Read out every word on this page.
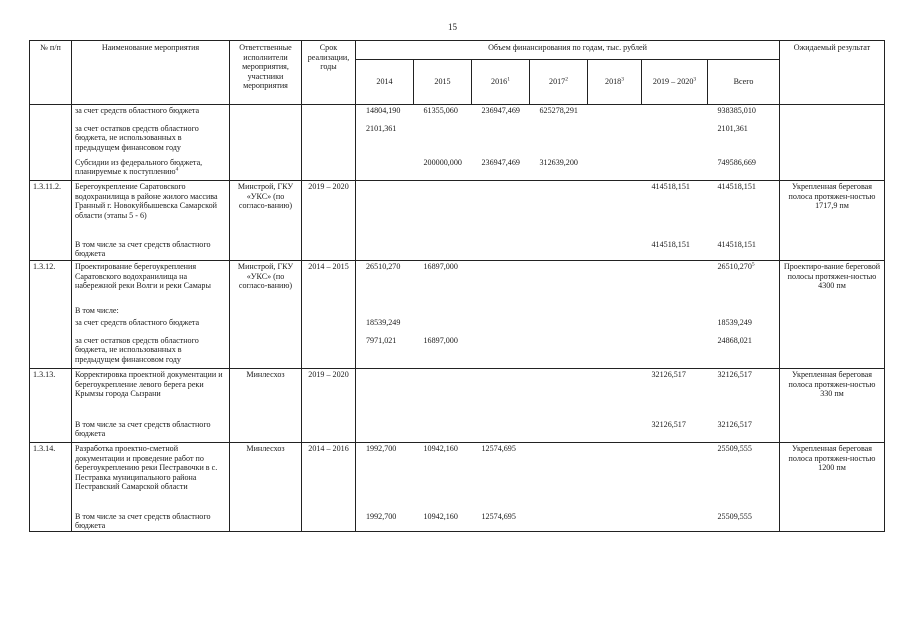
15
№ п/п	Наименование мероприятия	Ответственные исполнители мероприятия, участники мероприятия	Срок реализации, годы	Объем финансирования по годам, тыс. рублей							Ожидаемый результат
				2014	2015	2016$^1$	2017$^2$	2018$^3$	2019 – 2020$^3$	Всего	
	за счет средств областного бюджета			14804,190	61355,060	236947,469	625278,291			938385,010	
	за счет остатков средств областного бюджета, не использованных в предыдущем финансовом году			2101,361						2101,361	
	Субсидии из федерального бюджета, планируемые к поступлению$^4$				200000,000	236947,469	312639,200			749586,669	
1.3.11.2.	Берегоукрепление Саратовского водохранилища в районе жилого массива Гранный г. Новокуйбышевска Самарской области (этапы 5 - 6)	Минстрой, ГКУ «УКС» (по согласо-ванию)	2019 – 2020						414518,151	414518,151	Укрепленная береговая полоса протяжен-ностью 1717,9 пм
	В том числе за счет средств областного бюджета								414518,151	414518,151	
1.3.12.	Проектирование берегоукрепления Саратовского водохранилища на набережной реки Волги и реки Самары	Минстрой, ГКУ «УКС» (по согласо-ванию)	2014 – 2015	26510,270	16897,000					26510,270$^5$	Проектиро-вание береговой полосы протяжен-ностью 4300 пм
	В том числе:										
	за счет средств областного бюджета			18539,249						18539,249	
	за счет остатков средств областного бюджета, не использованных в предыдущем финансовом году			7971,021	16897,000					24868,021	
1.3.13.	Корректировка проектной документации и берегоукрепление левого берега реки Крымзы города Сызрани	Минлесхоз	2019 – 2020						32126,517	32126,517	Укрепленная береговая полоса протяжен-ностью 330 пм
	В том числе за счет средств областного бюджета								32126,517	32126,517	
1.3.14.	Разработка проектно-сметной документации и проведение работ по берегоукреплению реки Пестравочки в с. Пестравка муниципального района Пестравский Самарской области	Минлесхоз	2014 – 2016	1992,700	10942,160	12574,695				25509,555	Укрепленная береговая полоса протяжен-ностью 1200 пм
	В том числе за счет средств областного бюджета			1992,700	10942,160	12574,695				25509,555	
